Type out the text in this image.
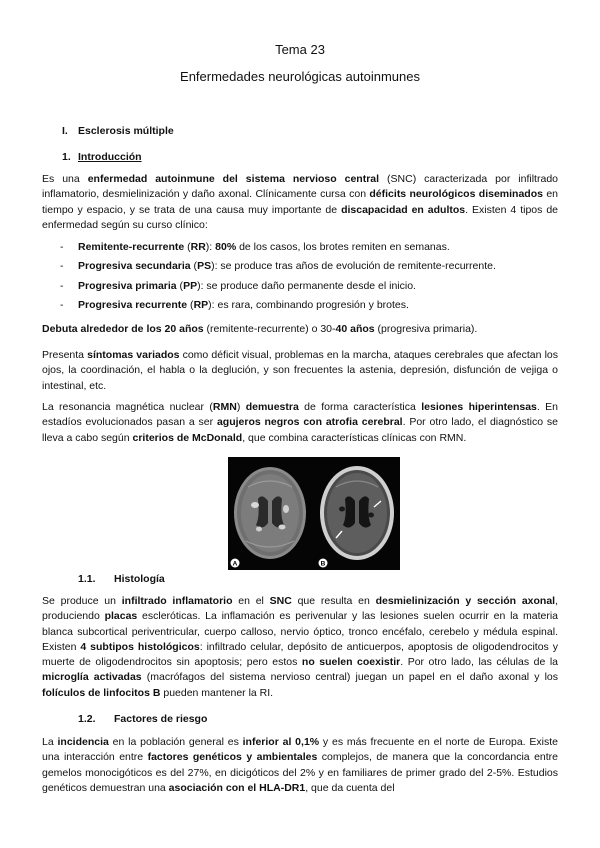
Tema 23
Enfermedades neurológicas autoinmunes
I. Esclerosis múltiple
1. Introducción

Es una enfermedad autoinmune del sistema nervioso central (SNC) caracterizada por infiltrado inflamatorio, desmielinización y daño axonal. Clínicamente cursa con déficits neurológicos diseminados en tiempo y espacio, y se trata de una causa muy importante de discapacidad en adultos. Existen 4 tipos de enfermedad según su curso clínico:

- Remitente-recurrente (RR): 80% de los casos, los brotes remiten en semanas.
- Progresiva secundaria (PS): se produce tras años de evolución de remitente-recurrente.
- Progresiva primaria (PP): se produce daño permanente desde el inicio.
- Progresiva recurrente (RP): es rara, combinando progresión y brotes.

Debuta alrededor de los 20 años (remitente-recurrente) o 30-40 años (progresiva primaria).

Presenta síntomas variados como déficit visual, problemas en la marcha, ataques cerebrales que afectan los ojos, la coordinación, el habla o la deglución, y son frecuentes la astenia, depresión, disfunción de vejiga o intestinal, etc.

La resonancia magnética nuclear (RMN) demuestra de forma característica lesiones hiperintensas. En estadíos evolucionados pasan a ser agujeros negros con atrofia cerebral. Por otro lado, el diagnóstico se lleva a cabo según criterios de McDonald, que combina características clínicas con RMN.

A	B
1.1. Histología

Se produce un infiltrado inflamatorio en el SNC que resulta en desmielinización y sección axonal, produciendo placas escleróticas. La inflamación es perivenular y las lesiones suelen ocurrir en la materia blanca subcortical periventricular, cuerpo calloso, nervio óptico, tronco encéfalo, cerebelo y médula espinal. Existen 4 subtipos histológicos: infiltrado celular, depósito de anticuerpos, apoptosis de oligodendrocitos y muerte de oligodendrocitos sin apoptosis; pero estos no suelen coexistir. Por otro lado, las células de la microglía activadas (macrófagos del sistema nervioso central) juegan un papel en el daño axonal y los folículos de linfocitos B pueden mantener la RI.

1.2. Factores de riesgo

La incidencia en la población general es inferior al 0,1% y es más frecuente en el norte de Europa. Existe una interacción entre factores genéticos y ambientales complejos, de manera que la concordancia entre gemelos monocigóticos es del 27%, en dicigóticos del 2% y en familiares de primer grado del 2-5%. Estudios genéticos demuestran una asociación con el HLA-DR1, que da cuenta del
